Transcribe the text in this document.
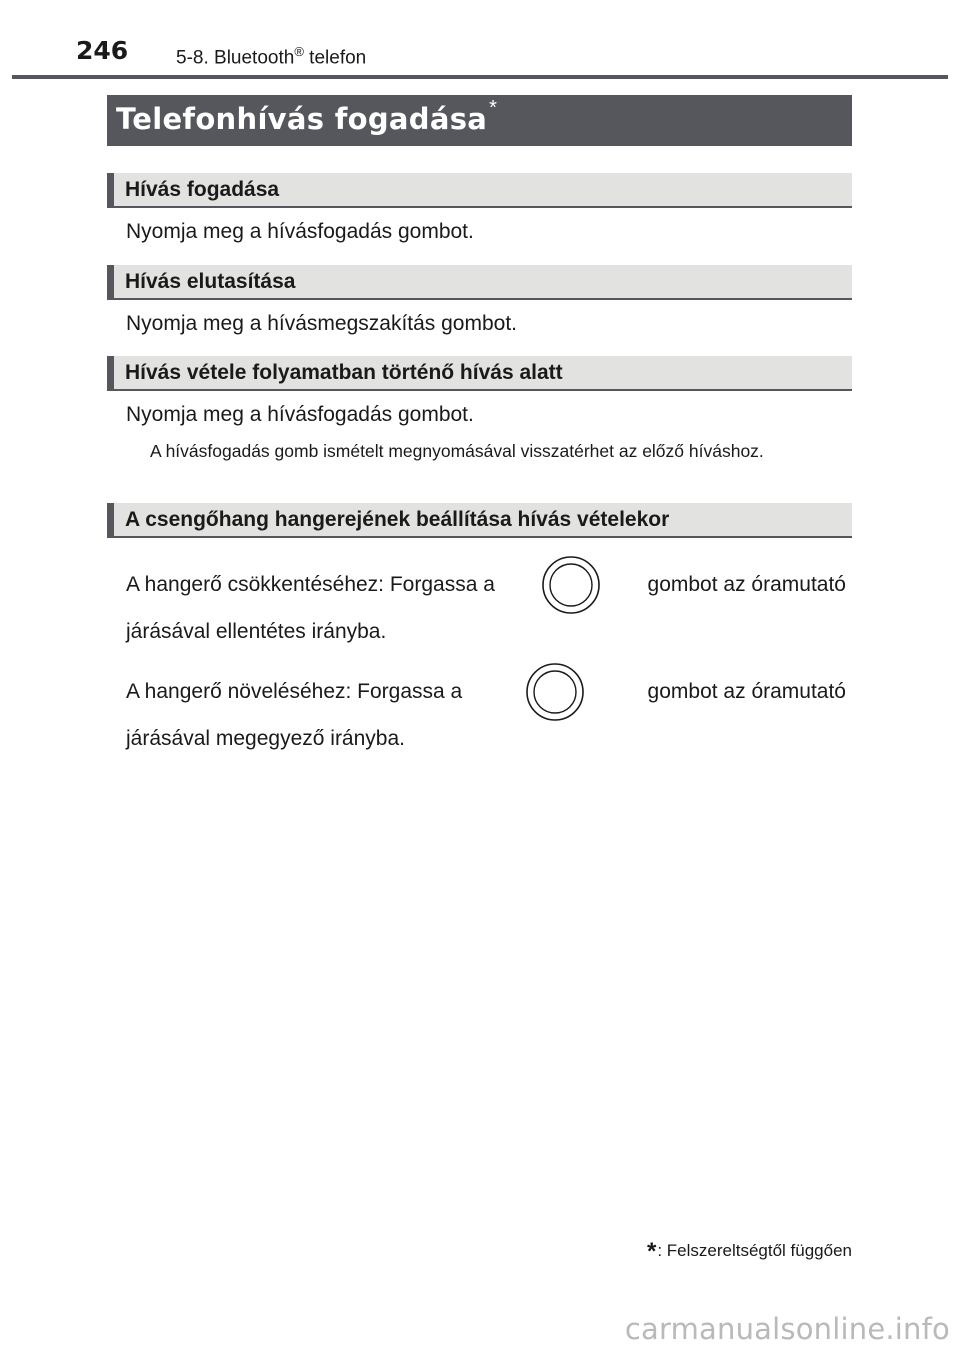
246	5-8. Bluetooth® telefon
Telefonhívás fogadása *
Hívás fogadása
Nyomja meg a hívásfogadás gombot.
Hívás elutasítása
Nyomja meg a hívásmegszakítás gombot.
Hívás vétele folyamatban történő hívás alatt
Nyomja meg a hívásfogadás gombot.
A hívásfogadás gomb ismételt megnyomásával visszatérhet az előző híváshoz.
A csengőhang hangerejének beállítása hívás vételekor
A hangerő csökkentéséhez: Forgassa a	gombot az óramutató
járásával ellentétes irányba.
A hangerő növeléséhez: Forgassa a	gombot az óramutató
járásával megegyező irányba.
*: Felszereltségtől függően
carmanualsonline.info
